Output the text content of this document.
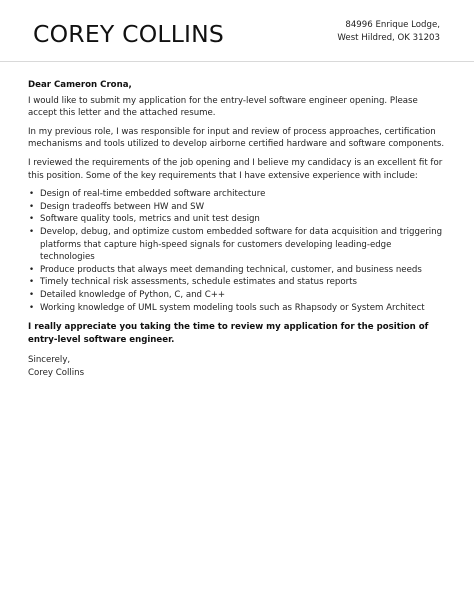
COREY COLLINS	84996 Enrique Lodge,
West Hildred, OK 31203

Dear Cameron Crona,

I would like to submit my application for the entry-level software engineer opening. Please accept this letter and the attached resume.

In my previous role, I was responsible for input and review of process approaches, certification mechanisms and tools utilized to develop airborne certified hardware and software components.

I reviewed the requirements of the job opening and I believe my candidacy is an excellent fit for this position. Some of the key requirements that I have extensive experience with include:

• Design of real-time embedded software architecture
• Design tradeoffs between HW and SW
• Software quality tools, metrics and unit test design
• Develop, debug, and optimize custom embedded software for data acquisition and triggering platforms that capture high-speed signals for customers developing leading-edge technologies
• Produce products that always meet demanding technical, customer, and business needs
• Timely technical risk assessments, schedule estimates and status reports
• Detailed knowledge of Python, C, and C++
• Working knowledge of UML system modeling tools such as Rhapsody or System Architect

I really appreciate you taking the time to review my application for the position of entry-level software engineer.

Sincerely,

Corey Collins
